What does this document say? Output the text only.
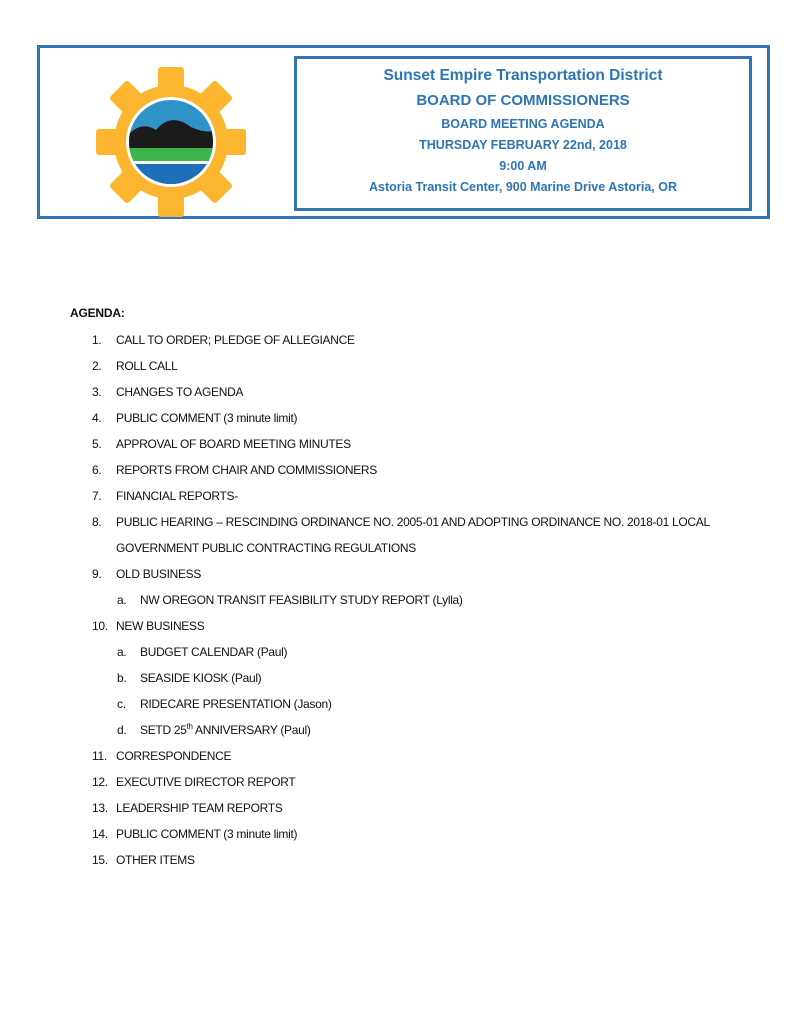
Sunset Empire Transportation District
BOARD OF COMMISSIONERS
BOARD MEETING AGENDA
THURSDAY FEBRUARY 22nd, 2018
9:00 AM
Astoria Transit Center, 900 Marine Drive Astoria, OR
AGENDA:
1. CALL TO ORDER; PLEDGE OF ALLEGIANCE
2. ROLL CALL
3. CHANGES TO AGENDA
4. PUBLIC COMMENT (3 minute limit)
5. APPROVAL OF BOARD MEETING MINUTES
6. REPORTS FROM CHAIR AND COMMISSIONERS
7. FINANCIAL REPORTS-
8. PUBLIC HEARING – RESCINDING ORDINANCE NO. 2005-01 AND ADOPTING ORDINANCE NO. 2018-01 LOCAL
GOVERNMENT PUBLIC CONTRACTING REGULATIONS
9. OLD BUSINESS
a. NW OREGON TRANSIT FEASIBILITY STUDY REPORT (Lylla)
10. NEW BUSINESS
a. BUDGET CALENDAR (Paul)
b. SEASIDE KIOSK (Paul)
c. RIDECARE PRESENTATION (Jason)
d. SETD 25th ANNIVERSARY (Paul)
11. CORRESPONDENCE
12. EXECUTIVE DIRECTOR REPORT
13. LEADERSHIP TEAM REPORTS
14. PUBLIC COMMENT (3 minute limit)
15. OTHER ITEMS
